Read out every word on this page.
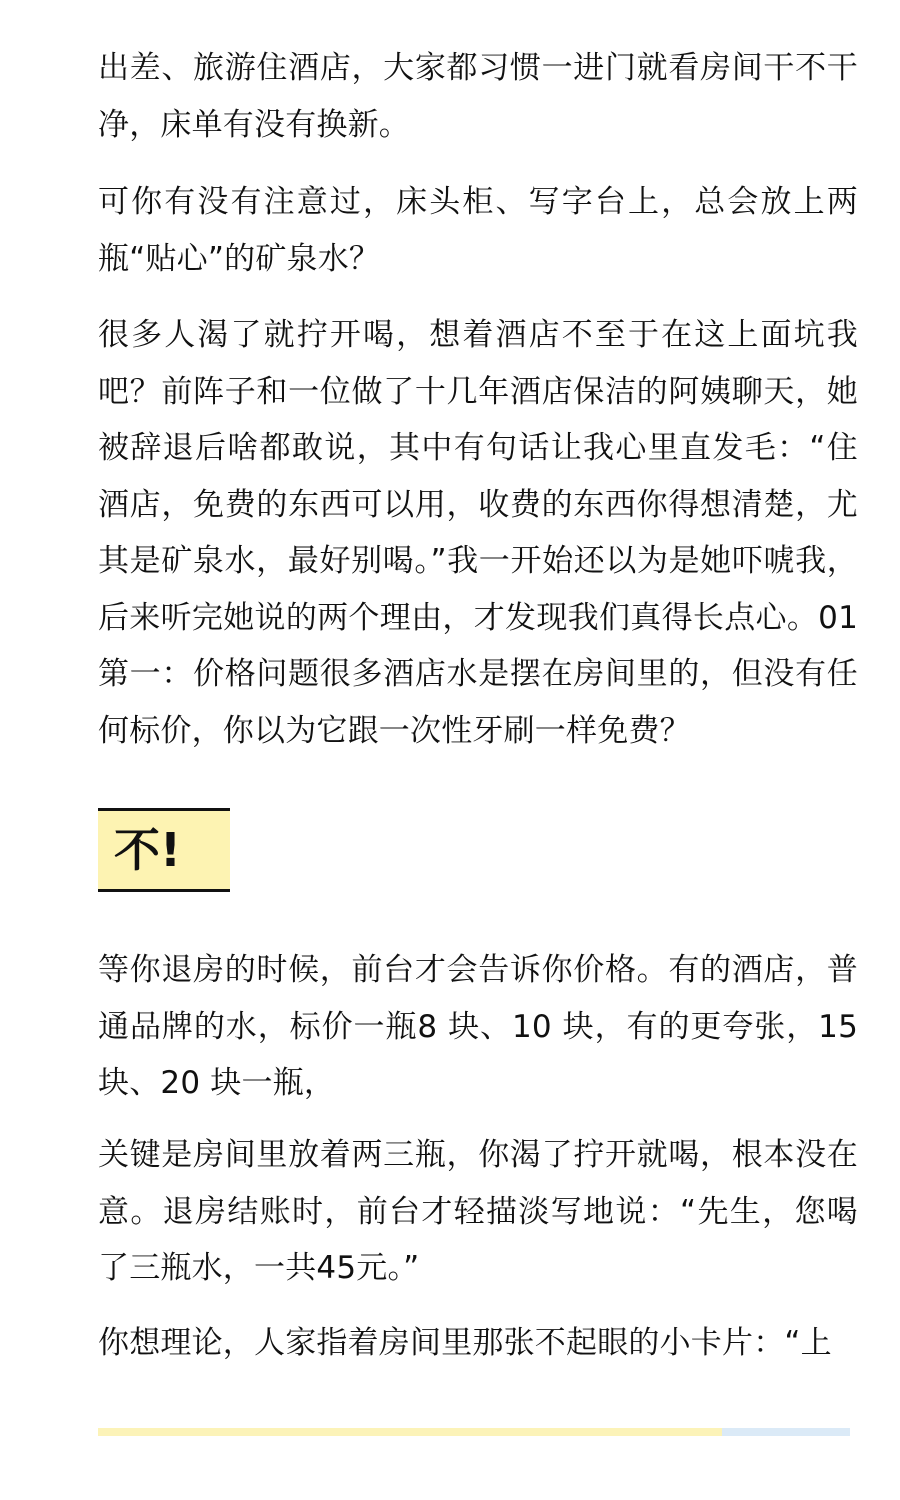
出差、旅游住酒店，大家都习惯一进门就看房间干不干净，床单有没有换新。

可你有没有注意过，床头柜、写字台上，总会放上两瓶“贴心”的矿泉水？

很多人渴了就拧开喝，想着酒店不至于在这上面坑我吧？前阵子和一位做了十几年酒店保洁的阿姨聊天，她被辞退后啥都敢说，其中有句话让我心里直发毛：“住酒店，免费的东西可以用，收费的东西你得想清楚，尤其是矿泉水，最好别喝。”我一开始还以为是她吓唬我，后来听完她说的两个理由，才发现我们真得长点心。01第一：价格问题很多酒店水是摆在房间里的，但没有任何标价，你以为它跟一次性牙刷一样免费？

不!

等你退房的时候，前台才会告诉你价格。有的酒店，普通品牌的水，标价一瓶8 块、10 块，有的更夸张，15 块、20 块一瓶，

关键是房间里放着两三瓶，你渴了拧开就喝，根本没在意。退房结账时，前台才轻描淡写地说：“先生，您喝了三瓶水，一共45元。”

你想理论，人家指着房间里那张不起眼的小卡片：“上
